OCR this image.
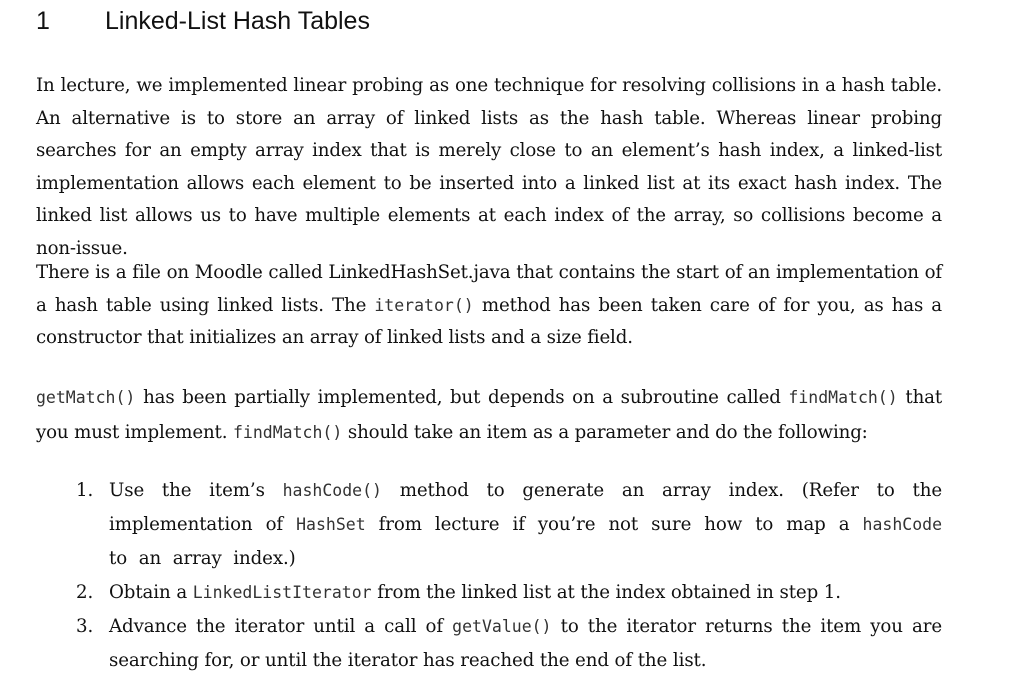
1	Linked-List Hash Tables

In lecture, we implemented linear probing as one technique for resolving collisions in a hash table. An alternative is to store an array of linked lists as the hash table. Whereas linear probing searches for an empty array index that is merely close to an element’s hash index, a linked-list implementation allows each element to be inserted into a linked list at its exact hash index. The linked list allows us to have multiple elements at each index of the array, so collisions become a non-issue.

There is a file on Moodle called LinkedHashSet.java that contains the start of an implementation of a hash table using linked lists. The iterator() method has been taken care of for you, as has a constructor that initializes an array of linked lists and a size field.

getMatch() has been partially implemented, but depends on a subroutine called findMatch() that you must implement. findMatch() should take an item as a parameter and do the following:

1. Use the item’s hashCode() method to generate an array index. (Refer to the implementation of HashSet from lecture if you’re not sure how to map a hashCode to an array index.)
2. Obtain a LinkedListIterator from the linked list at the index obtained in step 1.
3. Advance the iterator until a call of getValue() to the iterator returns the item you are searching for, or until the iterator has reached the end of the list.
